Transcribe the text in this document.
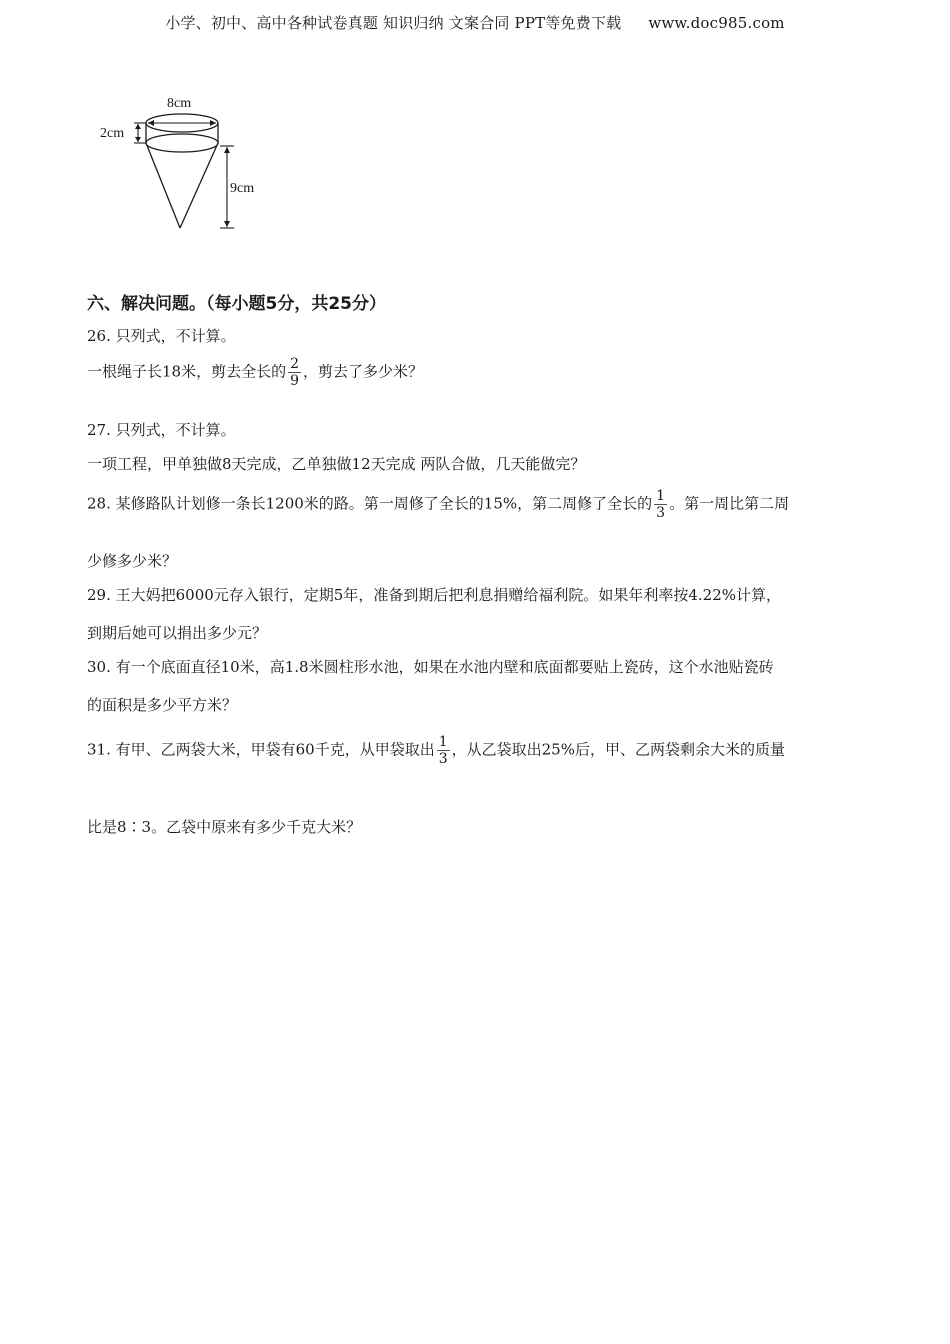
小学、初中、高中各种试卷真题 知识归纳 文案合同 PPT等免费下载 www.doc985.com
8cm
2cm
9cm
六、解决问题。（每小题5分，共25分）
26. 只列式，不计算。
一根绳子长18米，剪去全长的 $\frac{2}{9}$ ，剪去了多少米？
27. 只列式，不计算。
一项工程，甲单独做8天完成，乙单独做12天完成 两队合做，几天能做完？
28. 某修路队计划修一条长1200米的路。第一周修了全长的15%，第二周修了全长的 $\frac{1}{3}$ 。第一周比第二周
少修多少米？
29. 王大妈把6000元存入银行，定期5年，准备到期后把利息捐赠给福利院。如果年利率按4.22%计算，
到期后她可以捐出多少元？
30. 有一个底面直径10米，高1.8米圆柱形水池，如果在水池内壁和底面都要贴上瓷砖，这个水池贴瓷砖
的面积是多少平方米？
31. 有甲、乙两袋大米，甲袋有60千克，从甲袋取出 $\frac{1}{3}$ ，从乙袋取出25%后，甲、乙两袋剩余大米的质量
比是8∶3。乙袋中原来有多少千克大米？
